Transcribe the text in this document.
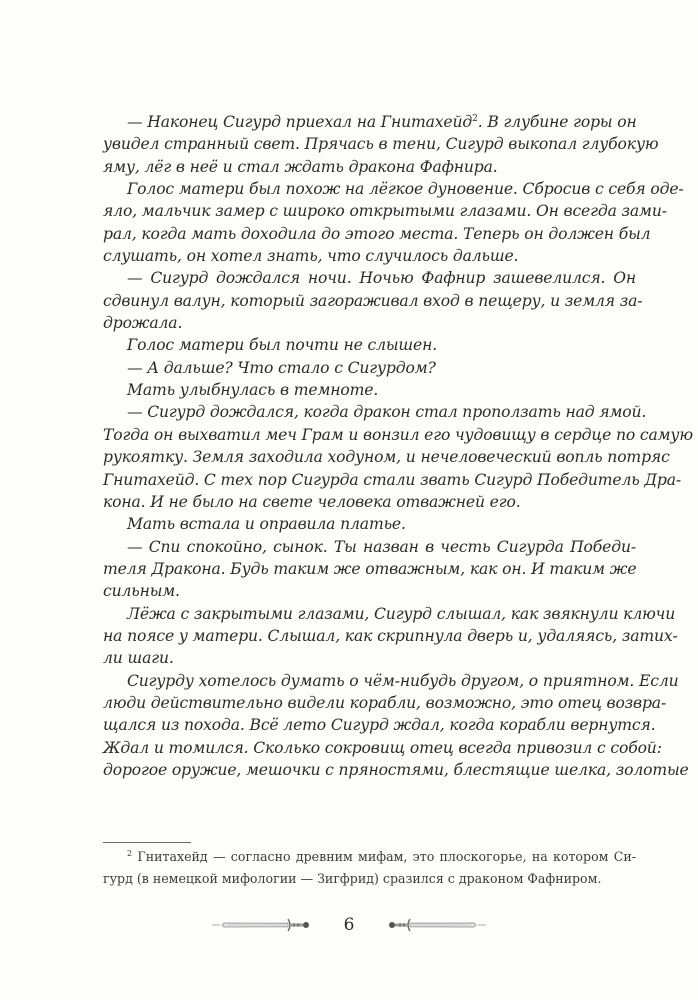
— Наконец Сигурд приехал на Гнитахейд$^2$. В глубине горы он
увидел странный свет. Прячась в тени, Сигурд выкопал глубокую
яму, лёг в неё и стал ждать дракона Фафнира.
Голос матери был похож на лёгкое дуновение. Сбросив с себя оде-
яло, мальчик замер с широко открытыми глазами. Он всегда зами-
рал, когда мать доходила до этого места. Теперь он должен был
слушать, он хотел знать, что случилось дальше.
— Сигурд дождался ночи. Ночью Фафнир зашевелился. Он
сдвинул валун, который загораживал вход в пещеру, и земля за-
дрожала.
Голос матери был почти не слышен.
— А дальше? Что стало с Сигурдом?
Мать улыбнулась в темноте.
— Сигурд дождался, когда дракон стал проползать над ямой.
Тогда он выхватил меч Грам и вонзил его чудовищу в сердце по самую
рукоятку. Земля заходила ходуном, и нечеловеческий вопль потряс
Гнитахейд. С тех пор Сигурда стали звать Сигурд Победитель Дра-
кона. И не было на свете человека отважней его.
Мать встала и оправила платье.
— Спи спокойно, сынок. Ты назван в честь Сигурда Победи-
теля Дракона. Будь таким же отважным, как он. И таким же
сильным.
Лёжа с закрытыми глазами, Сигурд слышал, как звякнули ключи
на поясе у матери. Слышал, как скрипнула дверь и, удаляясь, затих-
ли шаги.
Сигурду хотелось думать о чём-нибудь другом, о приятном. Если
люди действительно видели корабли, возможно, это отец возвра-
щался из похода. Всё лето Сигурд ждал, когда корабли вернутся.
Ждал и томился. Сколько сокровищ отец всегда привозил с собой:
дорогое оружие, мешочки с пряностями, блестящие шелка, золотые
$^2$ Гнитахейд — согласно древним мифам, это плоскогорье, на котором Си-
гурд (в немецкой мифологии — Зигфрид) сразился с драконом Фафниром.
6
